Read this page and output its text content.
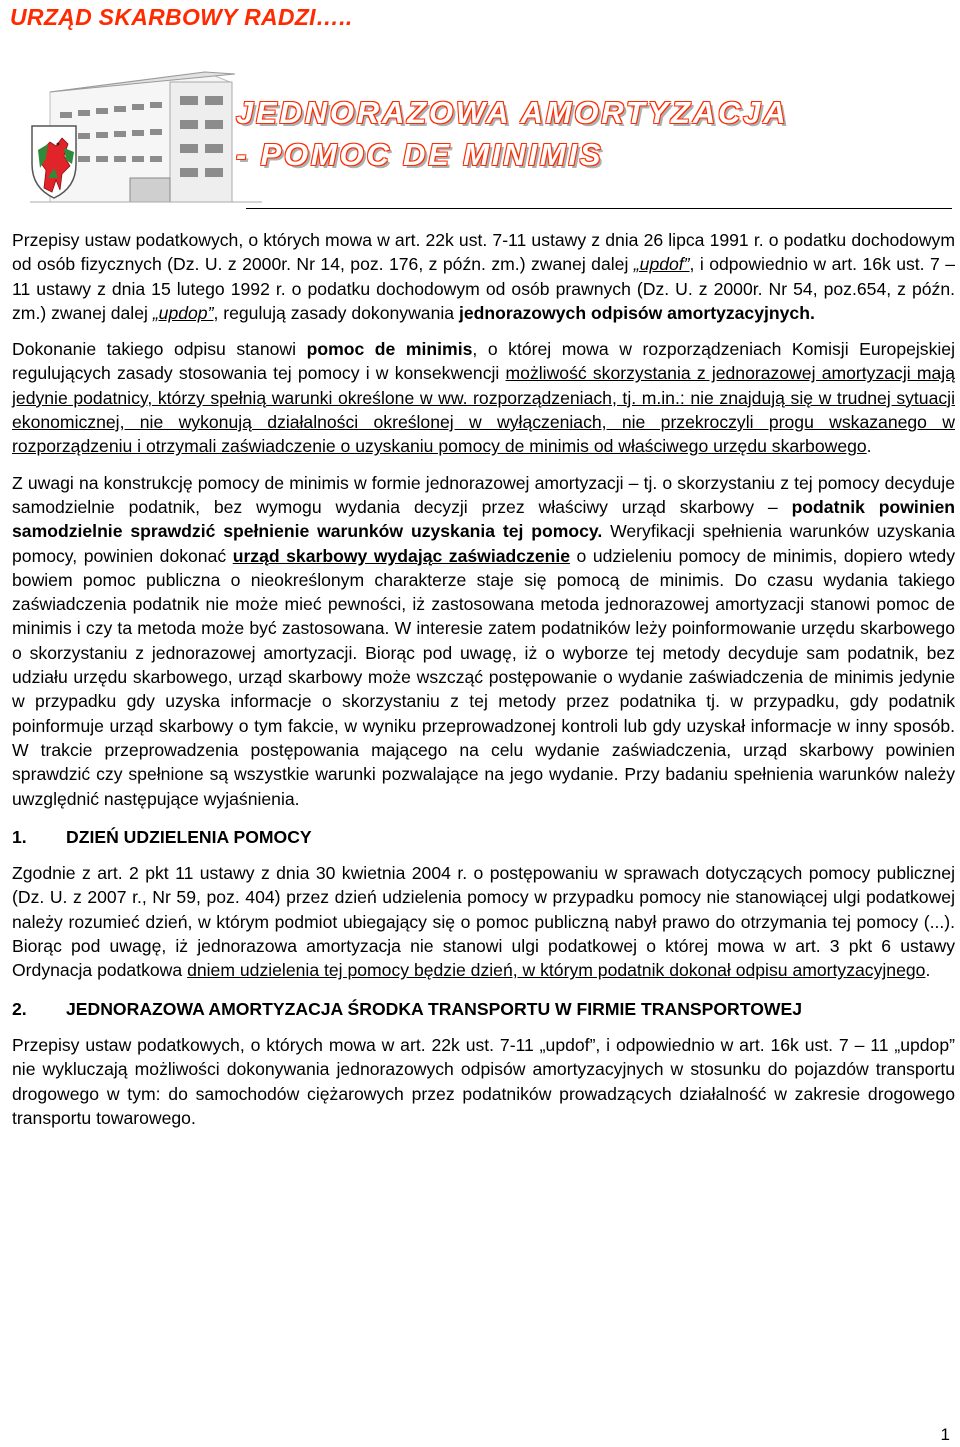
URZĄD SKARBOWY RADZI…..
JEDNORAZOWA AMORTYZACJA
- POMOC DE MINIMIS

Przepisy ustaw podatkowych, o których mowa w art. 22k ust. 7-11 ustawy z dnia 26 lipca 1991 r. o podatku dochodowym od osób fizycznych (Dz. U. z 2000r. Nr 14, poz. 176, z późn. zm.) zwanej dalej „updof”, i odpowiednio w art. 16k ust. 7 – 11 ustawy z dnia 15 lutego 1992 r. o podatku dochodowym od osób prawnych (Dz. U. z 2000r. Nr 54, poz.654, z późn. zm.) zwanej dalej „updop”, regulują zasady dokonywania jednorazowych odpisów amortyzacyjnych.

Dokonanie takiego odpisu stanowi pomoc de minimis, o której mowa w rozporządzeniach Komisji Europejskiej regulujących zasady stosowania tej pomocy i w konsekwencji możliwość skorzystania z jednorazowej amortyzacji mają jedynie podatnicy, którzy spełnią warunki określone w ww. rozporządzeniach, tj. m.in.: nie znajdują się w trudnej sytuacji ekonomicznej, nie wykonują działalności określonej w wyłączeniach, nie przekroczyli progu wskazanego w rozporządzeniu i otrzymali zaświadczenie o uzyskaniu pomocy de minimis od właściwego urzędu skarbowego.

Z uwagi na konstrukcję pomocy de minimis w formie jednorazowej amortyzacji – tj. o skorzystaniu z tej pomocy decyduje samodzielnie podatnik, bez wymogu wydania decyzji przez właściwy urząd skarbowy – podatnik powinien samodzielnie sprawdzić spełnienie warunków uzyskania tej pomocy. Weryfikacji spełnienia warunków uzyskania pomocy, powinien dokonać urząd skarbowy wydając zaświadczenie o udzieleniu pomocy de minimis, dopiero wtedy bowiem pomoc publiczna o nieokreślonym charakterze staje się pomocą de minimis. Do czasu wydania takiego zaświadczenia podatnik nie może mieć pewności, iż zastosowana metoda jednorazowej amortyzacji stanowi pomoc de minimis i czy ta metoda może być zastosowana. W interesie zatem podatników leży poinformowanie urzędu skarbowego o skorzystaniu z jednorazowej amortyzacji. Biorąc pod uwagę, iż o wyborze tej metody decyduje sam podatnik, bez udziału urzędu skarbowego, urząd skarbowy może wszcząć postępowanie o wydanie zaświadczenia de minimis jedynie w przypadku gdy uzyska informacje o skorzystaniu z tej metody przez podatnika tj. w przypadku, gdy podatnik poinformuje urząd skarbowy o tym fakcie, w wyniku przeprowadzonej kontroli lub gdy uzyskał informacje w inny sposób. W trakcie przeprowadzenia postępowania mającego na celu wydanie zaświadczenia, urząd skarbowy powinien sprawdzić czy spełnione są wszystkie warunki pozwalające na jego wydanie. Przy badaniu spełnienia warunków należy uwzględnić następujące wyjaśnienia.

1.	DZIEŃ UDZIELENIA POMOCY

Zgodnie z art. 2 pkt 11 ustawy z dnia 30 kwietnia 2004 r. o postępowaniu w sprawach dotyczących pomocy publicznej (Dz. U. z 2007 r., Nr 59, poz. 404) przez dzień udzielenia pomocy w przypadku pomocy nie stanowiącej ulgi podatkowej należy rozumieć dzień, w którym podmiot ubiegający się o pomoc publiczną nabył prawo do otrzymania tej pomocy (...). Biorąc pod uwagę, iż jednorazowa amortyzacja nie stanowi ulgi podatkowej o której mowa w art. 3 pkt 6 ustawy Ordynacja podatkowa dniem udzielenia tej pomocy będzie dzień, w którym podatnik dokonał odpisu amortyzacyjnego.

2.	JEDNORAZOWA AMORTYZACJA ŚRODKA TRANSPORTU W FIRMIE TRANSPORTOWEJ

Przepisy ustaw podatkowych, o których mowa w art. 22k ust. 7-11 „updof”, i odpowiednio w art. 16k ust. 7 – 11 „updop” nie wykluczają możliwości dokonywania jednorazowych odpisów amortyzacyjnych w stosunku do pojazdów transportu drogowego w tym: do samochodów ciężarowych przez podatników prowadzących działalność w zakresie drogowego transportu towarowego.

1
